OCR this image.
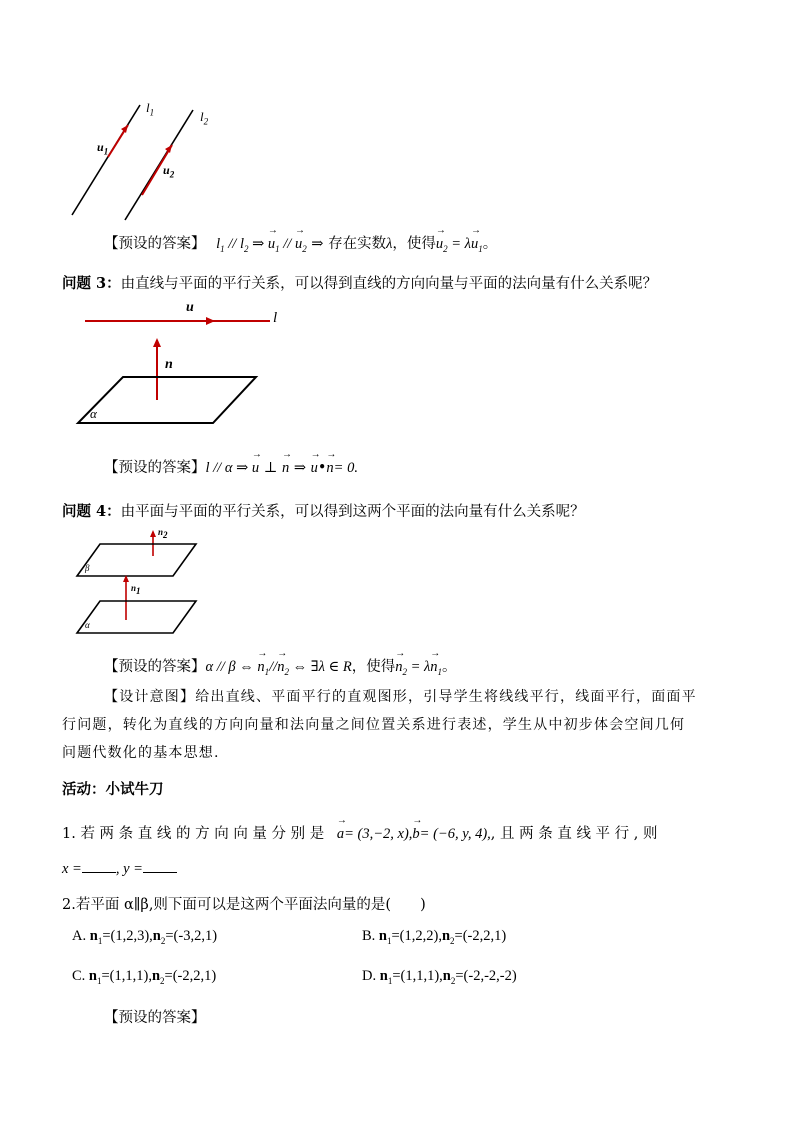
$l_1$	$l_2$
$u_1$
$u_2$
【预设的答案】 $l_1 // l_2$ ⇒ → $u_1$ // → $u_2$ ⇒ 存在实数λ，使得→ $u_2 = \lambda\to u_1$。
问题 3：由直线与平面的平行关系，可以得到直线的方向向量与平面的法向量有什么关系呢？
u
l
n
α
【预设的答案】l // α ⇒ → u ⊥ → n ⇒ → u•→ n= 0.
问题 4：由平面与平面的平行关系，可以得到这两个平面的法向量有什么关系呢？
$n_2$
$n_1$
β
α
【预设的答案】α // β ⇔ → $n_1//\to n_2$ ⇔ ∃λ ∈ R，使得→ $n_2 = \lambda\to n_1$。
【设计意图】给出直线、平面平行的直观图形，引导学生将线线平行，线面平行，面面平
行问题，转化为直线的方向向量和法向量之间位置关系进行表述，学生从中初步体会空间几何
问题代数化的基本思想.
活动：小试牛刀
1. 若 两 条 直 线 的 方 向 向 量 分 别 是 → a= (3,−2, x),→ b= (−6, y, 4),, 且 两 条 直 线 平 行 , 则
x = , y =
2.若平面 α∥β,则下面可以是这两个平面法向量的是(　　)
A. $n_1=(1,2,3),n_2=(-3,2,1)$	B. $n_1=(1,2,2),n_2=(-2,2,1)$
C. $n_1=(1,1,1),n_2=(-2,2,1)$	D. $n_1=(1,1,1),n_2=(-2,-2,-2)$
【预设的答案】
